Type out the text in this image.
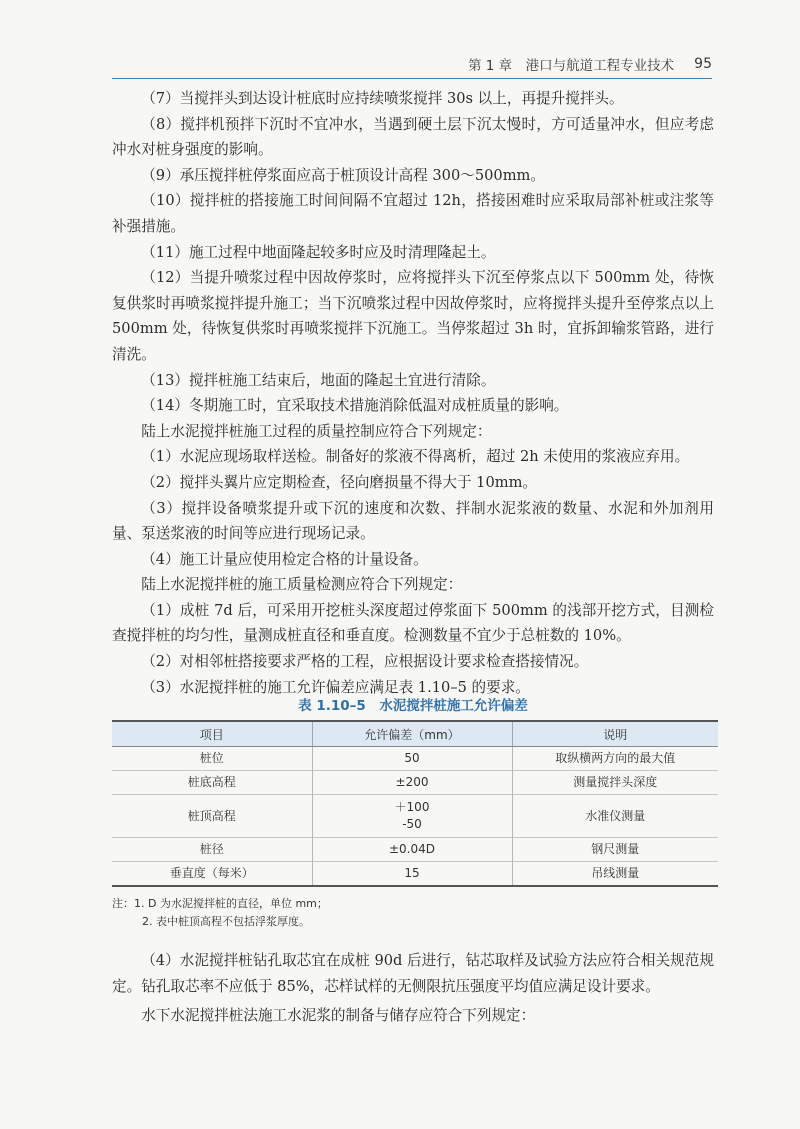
第 1 章　港口与航道工程专业技术 95

（7）当搅拌头到达设计桩底时应持续喷浆搅拌 30s 以上，再提升搅拌头。

（8）搅拌机预拌下沉时不宜冲水，当遇到硬土层下沉太慢时，方可适量冲水，但应考虑冲水对桩身强度的影响。

（9）承压搅拌桩停浆面应高于桩顶设计高程 300～500mm。

（10）搅拌桩的搭接施工时间间隔不宜超过 12h，搭接困难时应采取局部补桩或注浆等补强措施。

（11）施工过程中地面隆起较多时应及时清理隆起土。

（12）当提升喷浆过程中因故停浆时，应将搅拌头下沉至停浆点以下 500mm 处，待恢复供浆时再喷浆搅拌提升施工；当下沉喷浆过程中因故停浆时，应将搅拌头提升至停浆点以上 500mm 处，待恢复供浆时再喷浆搅拌下沉施工。当停浆超过 3h 时，宜拆卸输浆管路，进行清洗。

（13）搅拌桩施工结束后，地面的隆起土宜进行清除。

（14）冬期施工时，宜采取技术措施消除低温对成桩质量的影响。

陆上水泥搅拌桩施工过程的质量控制应符合下列规定：

（1）水泥应现场取样送检。制备好的浆液不得离析，超过 2h 未使用的浆液应弃用。

（2）搅拌头翼片应定期检查，径向磨损量不得大于 10mm。

（3）搅拌设备喷浆提升或下沉的速度和次数、拌制水泥浆液的数量、水泥和外加剂用量、泵送浆液的时间等应进行现场记录。

（4）施工计量应使用检定合格的计量设备。

陆上水泥搅拌桩的施工质量检测应符合下列规定：

（1）成桩 7d 后，可采用开挖桩头深度超过停浆面下 500mm 的浅部开挖方式，目测检查搅拌桩的均匀性，量测成桩直径和垂直度。检测数量不宜少于总桩数的 10%。

（2）对相邻桩搭接要求严格的工程，应根据设计要求检查搭接情况。

（3）水泥搅拌桩的施工允许偏差应满足表 1.10–5 的要求。

表 1.10–5　水泥搅拌桩施工允许偏差
项目	允许偏差（mm）	说明
桩位	50	取纵横两方向的最大值
桩底高程	±200	测量搅拌头深度
桩顶高程	＋100
-50	水准仪测量
桩径	±0.04D	钢尺测量
垂直度（每米）	15	吊线测量
注：1. D 为水泥搅拌桩的直径，单位 mm；
2. 表中桩顶高程不包括浮浆厚度。

（4）水泥搅拌桩钻孔取芯宜在成桩 90d 后进行，钻芯取样及试验方法应符合相关规范规定。钻孔取芯率不应低于 85%，芯样试样的无侧限抗压强度平均值应满足设计要求。

水下水泥搅拌桩法施工水泥浆的制备与储存应符合下列规定：
